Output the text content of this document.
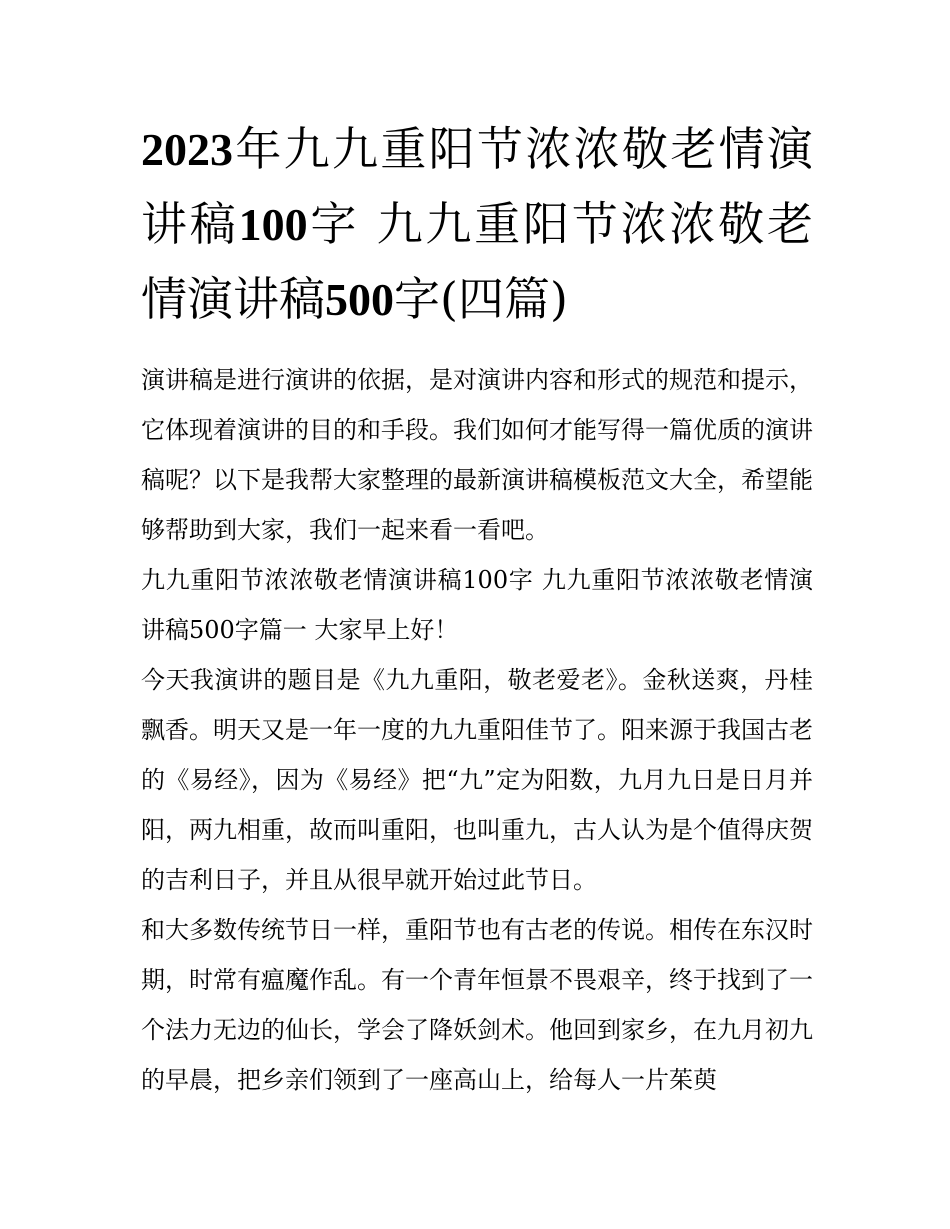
2023年九九重阳节浓浓敬老情演讲稿100字 九九重阳节浓浓敬老情演讲稿500字(四篇)

演讲稿是进行演讲的依据，是对演讲内容和形式的规范和提示，它体现着演讲的目的和手段。我们如何才能写得一篇优质的演讲稿呢？以下是我帮大家整理的最新演讲稿模板范文大全，希望能够帮助到大家，我们一起来看一看吧。

九九重阳节浓浓敬老情演讲稿100字 九九重阳节浓浓敬老情演讲稿500字篇一 大家早上好！

今天我演讲的题目是《九九重阳，敬老爱老》。金秋送爽，丹桂飘香。明天又是一年一度的九九重阳佳节了。阳来源于我国古老的《易经》，因为《易经》把“九”定为阳数，九月九日是日月并阳，两九相重，故而叫重阳，也叫重九，古人认为是个值得庆贺的吉利日子，并且从很早就开始过此节日。

和大多数传统节日一样，重阳节也有古老的传说。相传在东汉时期，时常有瘟魔作乱。有一个青年恒景不畏艰辛，终于找到了一个法力无边的仙长，学会了降妖剑术。他回到家乡，在九月初九的早晨，把乡亲们领到了一座高山上，给每人一片茱萸
